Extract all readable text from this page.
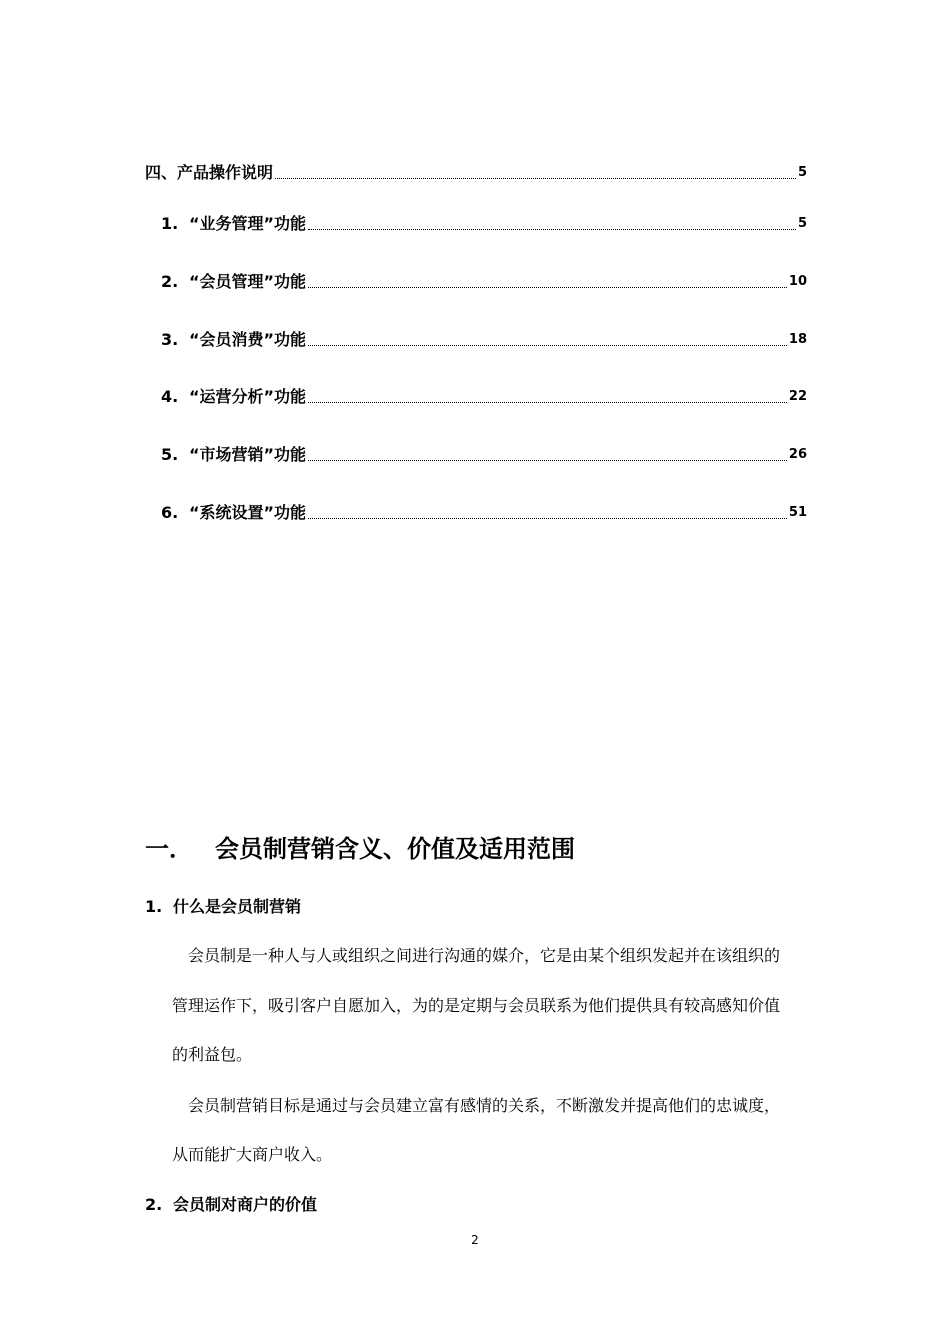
四、产品操作说明	5
1. “业务管理”功能	5
2. “会员管理”功能	10
3. “会员消费”功能	18
4. “运营分析”功能	22
5. “市场营销”功能	26
6. “系统设置”功能	51
一． 会员制营销含义、价值及适用范围
1. 什么是会员制营销
会员制是一种人与人或组织之间进行沟通的媒介，它是由某个组织发起并在该组织的
管理运作下，吸引客户自愿加入，为的是定期与会员联系为他们提供具有较高感知价值
的利益包。
会员制营销目标是通过与会员建立富有感情的关系，不断激发并提高他们的忠诚度，
从而能扩大商户收入。
2. 会员制对商户的价值
2
